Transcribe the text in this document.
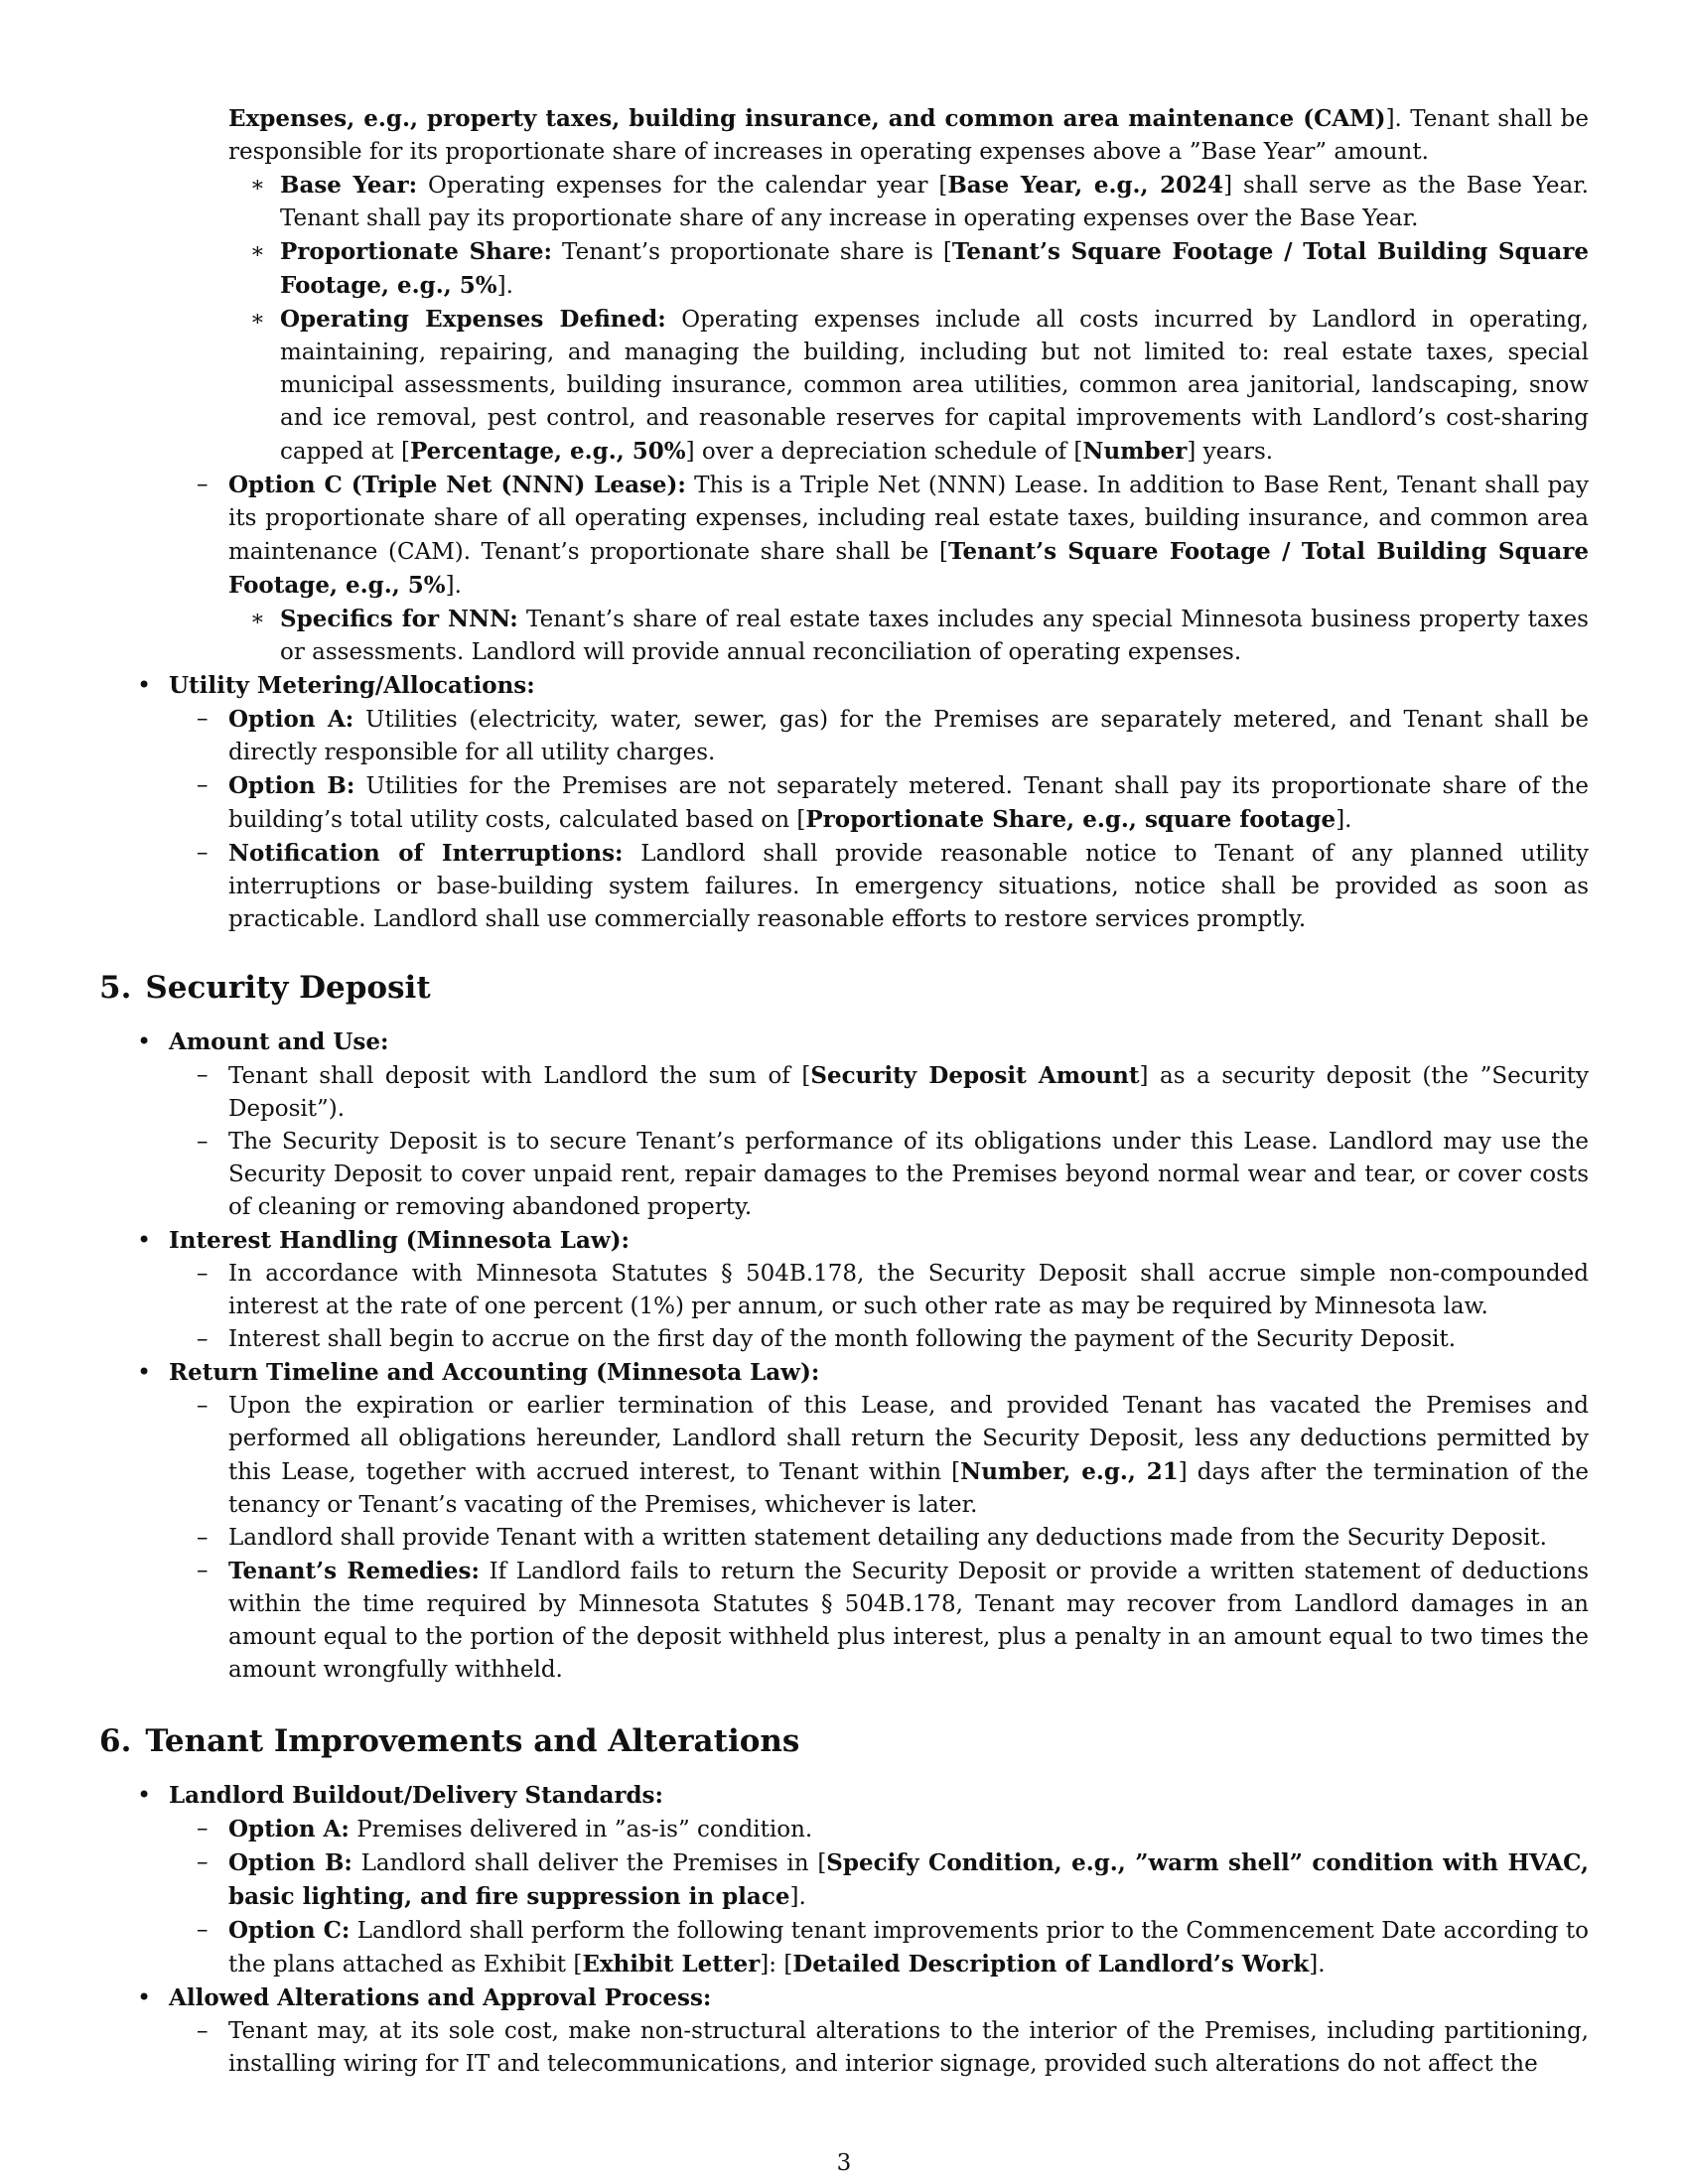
Expenses, e.g., property taxes, building insurance, and common area maintenance (CAM)]. Tenant shall be responsible for its proportionate share of increases in operating expenses above a ”Base Year” amount.

∗ Base Year: Operating expenses for the calendar year [Base Year, e.g., 2024] shall serve as the Base Year. Tenant shall pay its proportionate share of any increase in operating expenses over the Base Year.

∗ Proportionate Share: Tenant’s proportionate share is [Tenant’s Square Footage / Total Building Square Footage, e.g., 5%].

∗ Operating Expenses Defined: Operating expenses include all costs incurred by Landlord in operating, maintaining, repairing, and managing the building, including but not limited to: real estate taxes, special municipal assessments, building insurance, common area utilities, common area janitorial, landscaping, snow and ice removal, pest control, and reasonable reserves for capital improvements with Landlord’s cost-sharing capped at [Percentage, e.g., 50%] over a depreciation schedule of [Number] years.

– Option C (Triple Net (NNN) Lease): This is a Triple Net (NNN) Lease. In addition to Base Rent, Tenant shall pay its proportionate share of all operating expenses, including real estate taxes, building insurance, and common area maintenance (CAM). Tenant’s proportionate share shall be [Tenant’s Square Footage / Total Building Square Footage, e.g., 5%].

∗ Specifics for NNN: Tenant’s share of real estate taxes includes any special Minnesota business property taxes or assessments. Landlord will provide annual reconciliation of operating expenses.

• Utility Metering/Allocations:

– Option A: Utilities (electricity, water, sewer, gas) for the Premises are separately metered, and Tenant shall be directly responsible for all utility charges.

– Option B: Utilities for the Premises are not separately metered. Tenant shall pay its proportionate share of the building’s total utility costs, calculated based on [Proportionate Share, e.g., square footage].

– Notification of Interruptions: Landlord shall provide reasonable notice to Tenant of any planned utility interruptions or base-building system failures. In emergency situations, notice shall be provided as soon as practicable. Landlord shall use commercially reasonable efforts to restore services promptly.

5. Security Deposit
• Amount and Use:

– Tenant shall deposit with Landlord the sum of [Security Deposit Amount] as a security deposit (the ”Security Deposit”).

– The Security Deposit is to secure Tenant’s performance of its obligations under this Lease. Landlord may use the Security Deposit to cover unpaid rent, repair damages to the Premises beyond normal wear and tear, or cover costs of cleaning or removing abandoned property.

• Interest Handling (Minnesota Law):

– In accordance with Minnesota Statutes § 504B.178, the Security Deposit shall accrue simple non-compounded interest at the rate of one percent (1%) per annum, or such other rate as may be required by Minnesota law.

– Interest shall begin to accrue on the first day of the month following the payment of the Security Deposit.

• Return Timeline and Accounting (Minnesota Law):

– Upon the expiration or earlier termination of this Lease, and provided Tenant has vacated the Premises and performed all obligations hereunder, Landlord shall return the Security Deposit, less any deductions permitted by this Lease, together with accrued interest, to Tenant within [Number, e.g., 21] days after the termination of the tenancy or Tenant’s vacating of the Premises, whichever is later.

– Landlord shall provide Tenant with a written statement detailing any deductions made from the Security Deposit.

– Tenant’s Remedies: If Landlord fails to return the Security Deposit or provide a written statement of deductions within the time required by Minnesota Statutes § 504B.178, Tenant may recover from Landlord damages in an amount equal to the portion of the deposit withheld plus interest, plus a penalty in an amount equal to two times the amount wrongfully withheld.

6. Tenant Improvements and Alterations
• Landlord Buildout/Delivery Standards:

– Option A: Premises delivered in ”as-is” condition.

– Option B: Landlord shall deliver the Premises in [Specify Condition, e.g., ”warm shell” condition with HVAC, basic lighting, and fire suppression in place].

– Option C: Landlord shall perform the following tenant improvements prior to the Commencement Date according to the plans attached as Exhibit [Exhibit Letter]: [Detailed Description of Landlord’s Work].

• Allowed Alterations and Approval Process:

– Tenant may, at its sole cost, make non-structural alterations to the interior of the Premises, including partitioning, installing wiring for IT and telecommunications, and interior signage, provided such alterations do not affect the

3
